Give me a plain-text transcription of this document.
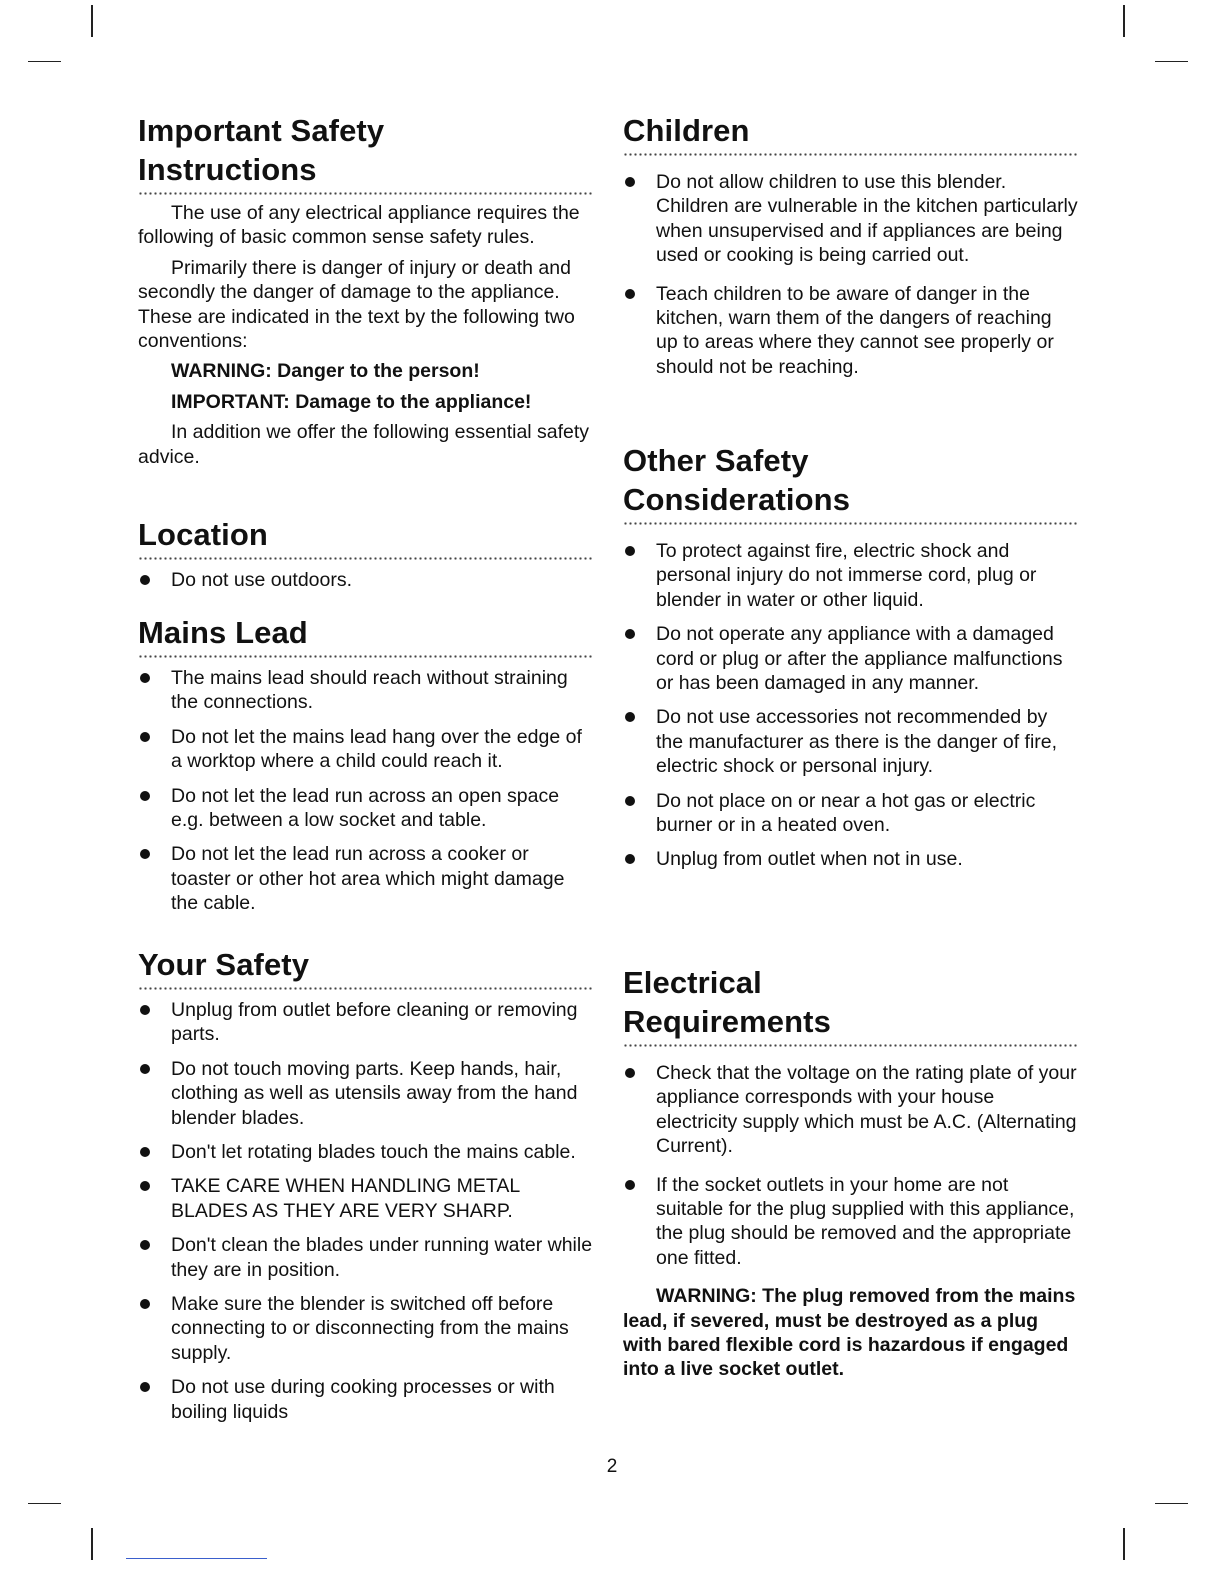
Important Safety
Instructions

The use of any electrical appliance requires the following of basic common sense safety rules.

Primarily there is danger of injury or death and secondly the danger of damage to the appliance. These are indicated in the text by the following two conventions:

WARNING: Danger to the person!

IMPORTANT: Damage to the appliance!

In addition we offer the following essential safety advice.

Location
Do not use outdoors.
Mains Lead
The mains lead should reach without straining the connections.
Do not let the mains lead hang over the edge of a worktop where a child could reach it.
Do not let the lead run across an open space e.g. between a low socket and table.
Do not let the lead run across a cooker or toaster or other hot area which might damage the cable.
Your Safety
Unplug from outlet before cleaning or removing parts.
Do not touch moving parts. Keep hands, hair, clothing as well as utensils away from the hand blender blades.
Don't let rotating blades touch the mains cable.
TAKE CARE WHEN HANDLING METAL BLADES AS THEY ARE VERY SHARP.
Don't clean the blades under running water while they are in position.
Make sure the blender is switched off before connecting to or disconnecting from the mains supply.
Do not use during cooking processes or with boiling liquids
Children
Do not allow children to use this blender. Children are vulnerable in the kitchen particularly when unsupervised and if appliances are being used or cooking is being carried out.
Teach children to be aware of danger in the kitchen, warn them of the dangers of reaching up to areas where they cannot see properly or should not be reaching.
Other Safety
Considerations
To protect against fire, electric shock and personal injury do not immerse cord, plug or blender in water or other liquid.
Do not operate any appliance with a damaged cord or plug or after the appliance malfunctions or has been damaged in any manner.
Do not use accessories not recommended by the manufacturer as there is the danger of fire, electric shock or personal injury.
Do not place on or near a hot gas or electric burner or in a heated oven.
Unplug from outlet when not in use.
Electrical
Requirements
Check that the voltage on the rating plate of your appliance corresponds with your house electricity supply which must be A.C. (Alternating Current).
If the socket outlets in your home are not suitable for the plug supplied with this appliance, the plug should be removed and the appropriate one fitted.

WARNING: The plug removed from the mains lead, if severed, must be destroyed as a plug with bared flexible cord is hazardous if engaged into a live socket outlet.

2
